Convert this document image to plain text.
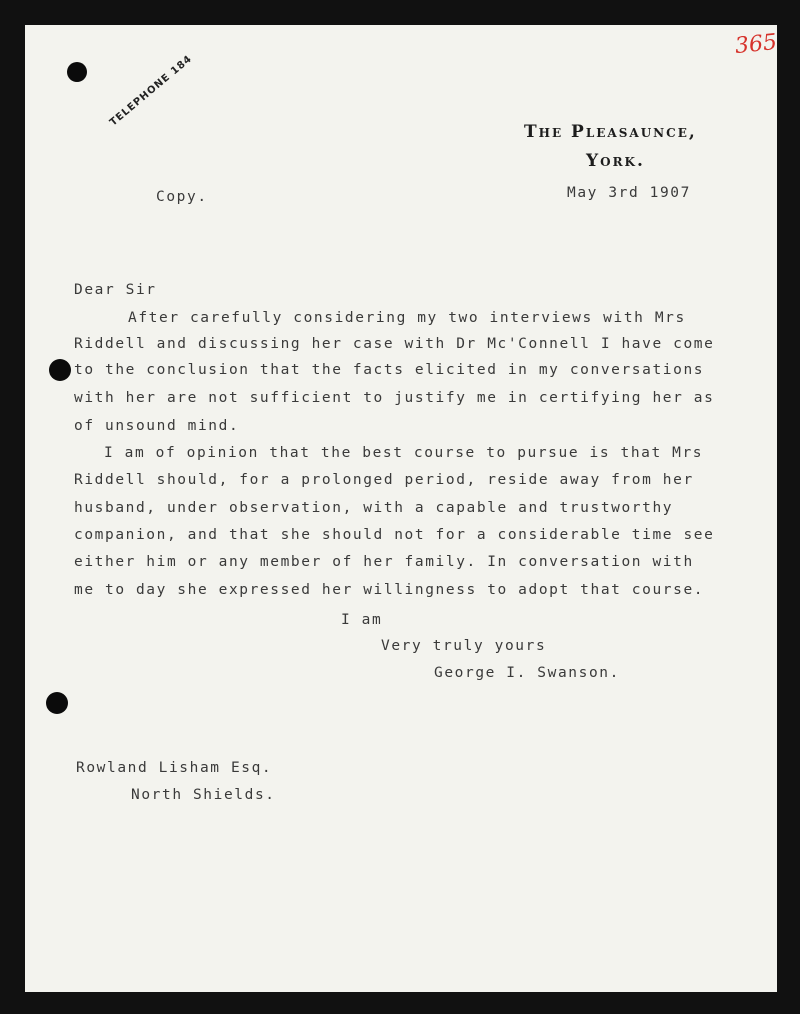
365
TELEPHONE 184
The Pleasaunce,
York.
Copy.	May 3rd 1907
Dear Sir
After carefully considering my two interviews with Mrs
Riddell and discussing her case with Dr Mc'Connell I have come
to the conclusion that the facts elicited in my conversations
with her are not sufficient to justify me in certifying her as
of unsound mind.
I am of opinion that the best course to pursue is that Mrs
Riddell should, for a prolonged period, reside away from her
husband, under observation, with a capable and trustworthy
companion, and that she should not for a considerable time see
either him or any member of her family. In conversation with
me to day she expressed her willingness to adopt that course.
I am
Very truly yours
George I. Swanson.
Rowland Lisham Esq.
North Shields.
